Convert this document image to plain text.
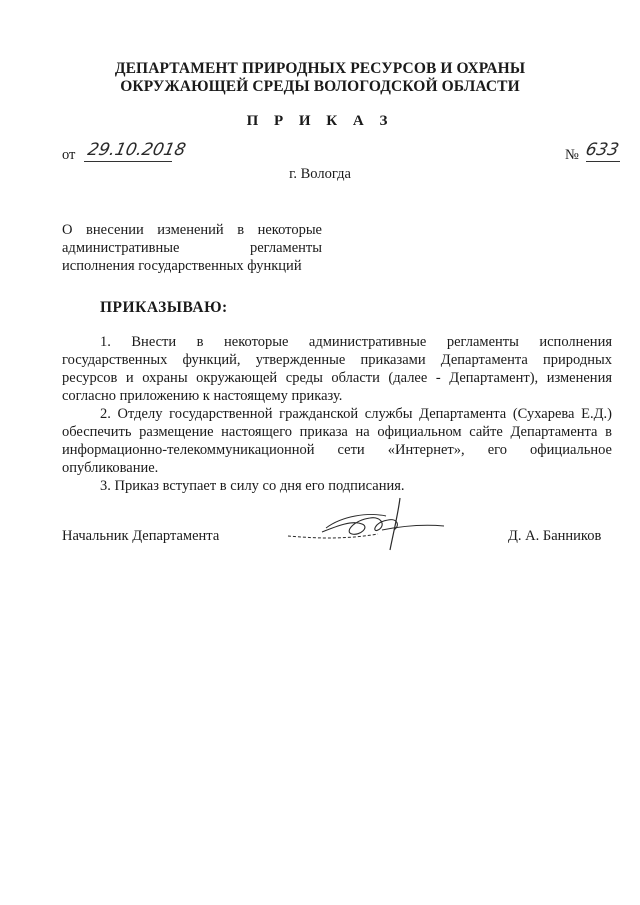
ДЕПАРТАМЕНТ ПРИРОДНЫХ РЕСУРСОВ И ОХРАНЫ
ОКРУЖАЮЩЕЙ СРЕДЫ ВОЛОГОДСКОЙ ОБЛАСТИ
П Р И К А З
от 29.10.2018	№ 633
г. Вологда
О внесении изменений в некоторые административные регламенты исполнения государственных функций
ПРИКАЗЫВАЮ:

1. Внести в некоторые административные регламенты исполнения государственных функций, утвержденные приказами Департамента природных ресурсов и охраны окружающей среды области (далее - Департамент), изменения согласно приложению к настоящему приказу.

2. Отделу государственной гражданской службы Департамента (Сухарева Е.Д.) обеспечить размещение настоящего приказа на официальном сайте Департамента в информационно-телекоммуникационной сети «Интернет», его официальное опубликование.

3. Приказ вступает в силу со дня его подписания.

Начальник Департамента	Д. А. Банников
